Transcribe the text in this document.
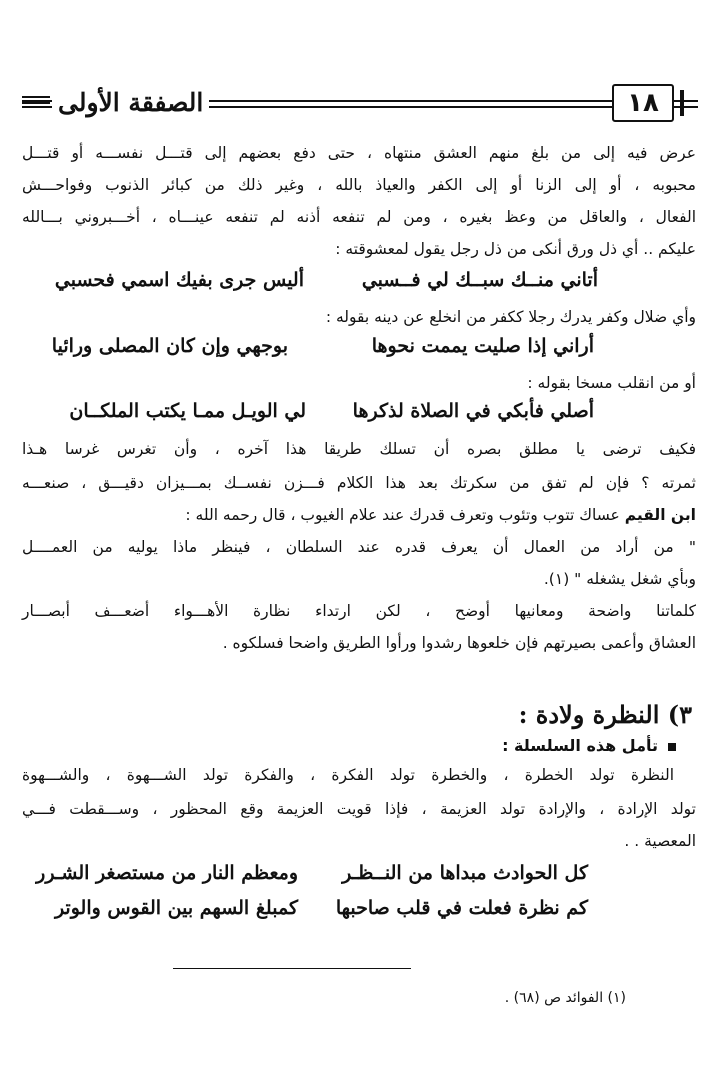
الصفقة الأولى	١٨
عرض فيه إلى من بلغ منهم العشق منتهاه ، حتى دفع بعضهم إلى قتـــل نفســـه أو قتـــل
محبوبه ، أو إلى الزنا أو إلى الكفر والعياذ بالله ، وغير ذلك من كبائر الذنوب وفواحـــش
الفعال ، والعاقل من وعظ بغيره ، ومن لم تنفعه أذنه لم تنفعه عينـــاه ، أخـــبروني بـــالله
عليكم .. أي ذل ورق أنكى من ذل رجل يقول لمعشوقته :
أتاني منــك سبــك لي فــسبي
أليس جرى بفيك اسمي فحسبي
وأي ضلال وكفر يدرك رجلا ككفر من انخلع عن دينه بقوله :
أراني إذا صليت يممت نحوها
بوجهي وإن كان المصلى ورائيا
أو من انقلب مسخا بقوله :
أصلي فأبكي في الصلاة لذكرها
لي الويـل ممـا يكتب الملكــان
فكيف ترضى يا مطلق بصره أن تسلك طريقا هذا آخره ، وأن تغرس غرسا هـذا
ثمرته ؟ فإن لم تفق من سكرتك بعد هذا الكلام فـــزن نفســك بمـــيزان دقيـــق ، صنعـــه
ابن القيم عساك تتوب وتئوب وتعرف قدرك عند علام الغيوب ، قال رحمه الله :
" من أراد من العمال أن يعرف قدره عند السلطان ، فينظر ماذا يوليه من العمــــل
وبأي شغل يشغله " (١).
كلماتنا واضحة ومعانيها أوضح ، لكن ارتداء نظارة الأهـــواء أضعـــف أبصـــار
العشاق وأعمى بصيرتهم فإن خلعوها رشدوا ورأوا الطريق واضحا فسلكوه .
٣) النظرة ولادة :
تأمل هذه السلسلة :
النظرة تولد الخطرة ، والخطرة تولد الفكرة ، والفكرة تولد الشـــهوة ، والشـــهوة
تولد الإرادة ، والإرادة تولد العزيمة ، فإذا قويت العزيمة وقع المحظور ، وســـقطت فـــي
المعصية . .
كل الحوادث مبداها من النــظـر
ومعظم النار من مستصغر الشـرر
كم نظرة فعلت في قلب صاحبها
كمبلغ السهم بين القوس والوتر
(١) الفوائد ص (٦٨) .
